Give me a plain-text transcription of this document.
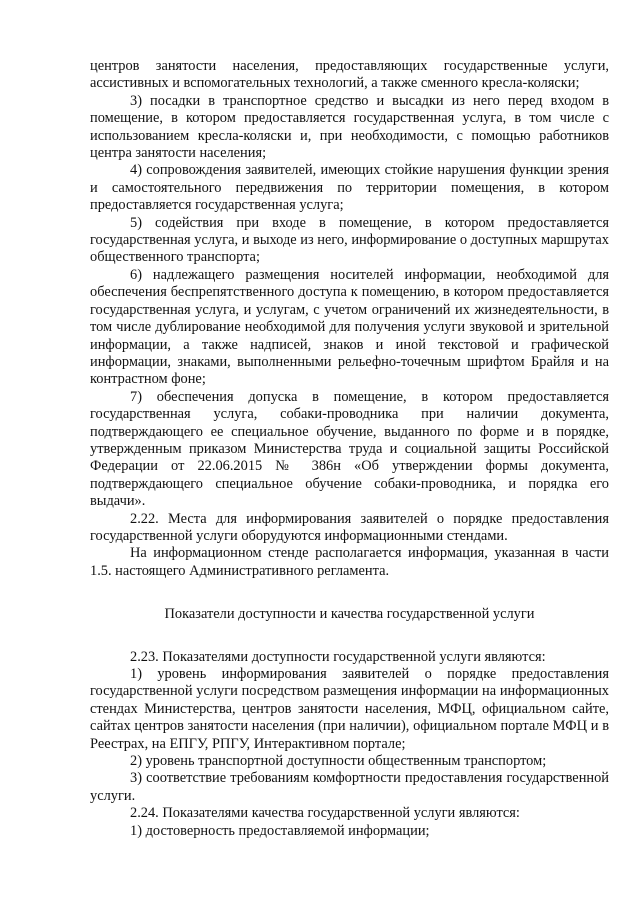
центров занятости населения, предоставляющих государственные услуги, ассистивных и вспомогательных технологий, а также сменного кресла-коляски;

3) посадки в транспортное средство и высадки из него перед входом в помещение, в котором предоставляется государственная услуга, в том числе с использованием кресла-коляски и, при необходимости, с помощью работников центра занятости населения;

4) сопровождения заявителей, имеющих стойкие нарушения функции зрения и самостоятельного передвижения по территории помещения, в котором предоставляется государственная услуга;

5) содействия при входе в помещение, в котором предоставляется государственная услуга, и выходе из него, информирование о доступных маршрутах общественного транспорта;

6) надлежащего размещения носителей информации, необходимой для обеспечения беспрепятственного доступа к помещению, в котором предоставляется государственная услуга, и услугам, с учетом ограничений их жизнедеятельности, в том числе дублирование необходимой для получения услуги звуковой и зрительной информации, а также надписей, знаков и иной текстовой и графической информации, знаками, выполненными рельефно-точечным шрифтом Брайля и на контрастном фоне;

7) обеспечения допуска в помещение, в котором предоставляется государственная услуга, собаки-проводника при наличии документа, подтверждающего ее специальное обучение, выданного по форме и в порядке, утвержденным приказом Министерства труда и социальной защиты Российской Федерации от 22.06.2015 № 386н «Об утверждении формы документа, подтверждающего специальное обучение собаки-проводника, и порядка его выдачи».

2.22. Места для информирования заявителей о порядке предоставления государственной услуги оборудуются информационными стендами.

На информационном стенде располагается информация, указанная в части 1.5. настоящего Административного регламента.

Показатели доступности и качества государственной услуги

2.23. Показателями доступности государственной услуги являются:

1) уровень информирования заявителей о порядке предоставления государственной услуги посредством размещения информации на информационных стендах Министерства, центров занятости населения, МФЦ, официальном сайте, сайтах центров занятости населения (при наличии), официальном портале МФЦ и в Реестрах, на ЕПГУ, РПГУ, Интерактивном портале;

2) уровень транспортной доступности общественным транспортом;

3) соответствие требованиям комфортности предоставления государственной услуги.

2.24. Показателями качества государственной услуги являются:

1) достоверность предоставляемой информации;
